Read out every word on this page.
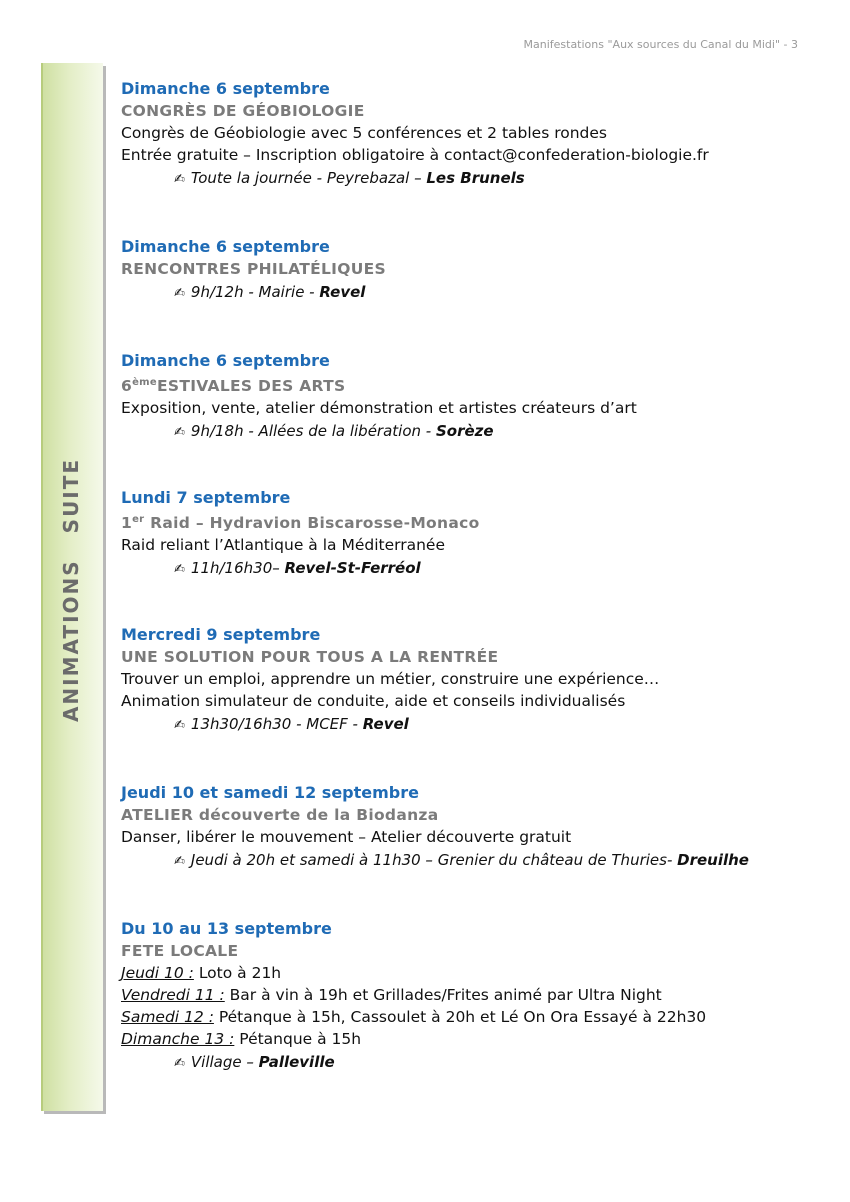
Manifestations "Aux sources du Canal du Midi" - 3
ANIMATIONSSUITE
Dimanche 6 septembre
CONGRÈS DE GÉOBIOLOGIE
Congrès de Géobiologie avec 5 conférences et 2 tables rondes
Entrée gratuite – Inscription obligatoire à contact@confederation-biologie.fr
✍ Toute la journée - Peyrebazal – Les Brunels
Dimanche 6 septembre
RENCONTRES PHILATÉLIQUES
✍ 9h/12h - Mairie - Revel
Dimanche 6 septembre
6èmeESTIVALES DES ARTS
Exposition, vente, atelier démonstration et artistes créateurs d’art
✍ 9h/18h - Allées de la libération - Sorèze
Lundi 7 septembre
1er Raid – Hydravion Biscarosse-Monaco
Raid reliant l’Atlantique à la Méditerranée
✍ 11h/16h30– Revel-St-Ferréol
Mercredi 9 septembre
UNE SOLUTION POUR TOUS A LA RENTRÉE
Trouver un emploi, apprendre un métier, construire une expérience…
Animation simulateur de conduite, aide et conseils individualisés
✍ 13h30/16h30 - MCEF - Revel
Jeudi 10 et samedi 12 septembre
ATELIER découverte de la Biodanza
Danser, libérer le mouvement – Atelier découverte gratuit
✍ Jeudi à 20h et samedi à 11h30 – Grenier du château de Thuries- Dreuilhe
Du 10 au 13 septembre
FETE LOCALE
Jeudi 10 : Loto à 21h
Vendredi 11 : Bar à vin à 19h et Grillades/Frites animé par Ultra Night
Samedi 12 : Pétanque à 15h, Cassoulet à 20h et Lé On Ora Essayé à 22h30
Dimanche 13 : Pétanque à 15h
✍ Village – Palleville
